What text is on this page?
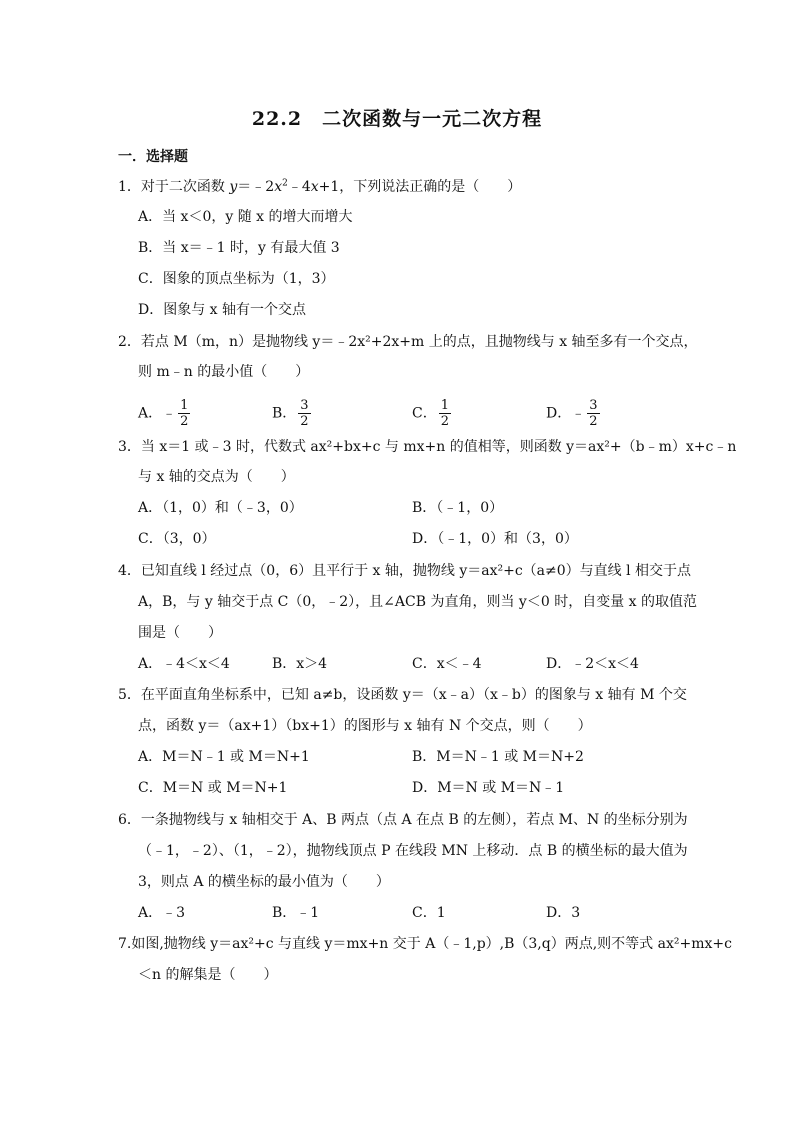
22.2　二次函数与一元二次方程
一．选择题
1．对于二次函数 $y=﹣2x^2﹣4x+1$，下列说法正确的是（　　）
A．当 x＜0，y 随 x 的增大而增大
B．当 x＝﹣1 时，y 有最大值 3
C．图象的顶点坐标为（1，3）
D．图象与 x 轴有一个交点
2．若点 M（m，n）是抛物线 y＝﹣2x²+2x+m 上的点，且抛物线与 x 轴至多有一个交点，
则 m﹣n 的最小值（　　）
A．﹣ $\frac{1}{2}$	B． $\frac{3}{2}$	C． $\frac{1}{2}$	D．﹣ $\frac{3}{2}$
3．当 x＝1 或﹣3 时，代数式 ax²+bx+c 与 mx+n 的值相等，则函数 y＝ax²+（b﹣m）x+c﹣n
与 x 轴的交点为（　　）
A．（1，0）和（﹣3，0）	B．（﹣1，0）
C．（3，0）	D．（﹣1，0）和（3，0）
4．已知直线 l 经过点（0，6）且平行于 x 轴，抛物线 y＝ax²+c（a≠0）与直线 l 相交于点
A，B，与 y 轴交于点 C（0，﹣2），且∠ACB 为直角，则当 y＜0 时，自变量 x 的取值范
围是（　　）
A．﹣4＜x＜4	B．x＞4	C．x＜﹣4	D．﹣2＜x＜4
5．在平面直角坐标系中，已知 a≠b，设函数 y＝（x﹣a）（x﹣b）的图象与 x 轴有 M 个交
点，函数 y＝（ax+1）（bx+1）的图形与 x 轴有 N 个交点，则（　　）
A．M＝N﹣1 或 M＝N+1	B．M＝N﹣1 或 M＝N+2
C．M＝N 或 M＝N+1	D．M＝N 或 M＝N﹣1
6．一条抛物线与 x 轴相交于 A、B 两点（点 A 在点 B 的左侧），若点 M、N 的坐标分别为
（﹣1，﹣2）、（1，﹣2），抛物线顶点 P 在线段 MN 上移动．点 B 的横坐标的最大值为
3，则点 A 的横坐标的最小值为（　　）
A．﹣3	B．﹣1	C．1	D．3
7.如图,抛物线 y＝ax²+c 与直线 y＝mx+n 交于 A（﹣1,p）,B（3,q）两点,则不等式 ax²+mx+c
＜n 的解集是（　　）
